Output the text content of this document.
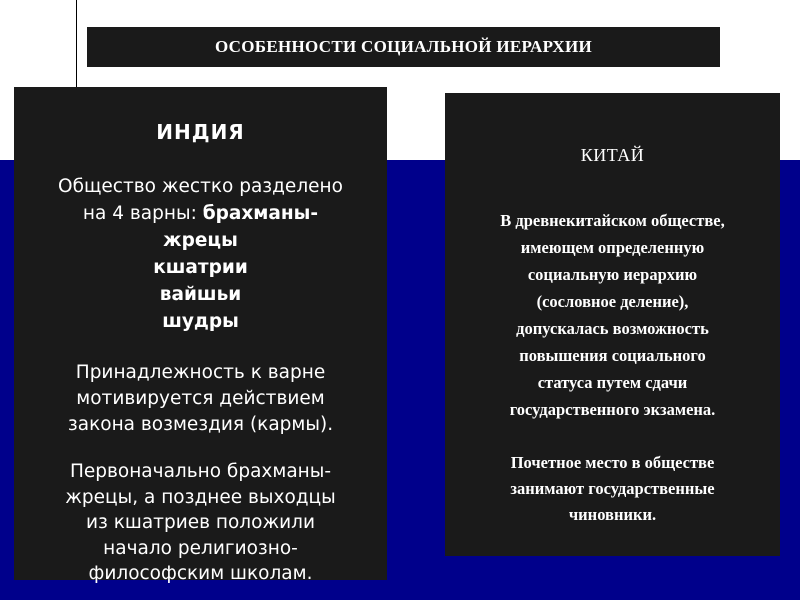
ОСОБЕННОСТИ СОЦИАЛЬНОЙ ИЕРАРХИИ
ИНДИЯ
Общество жестко разделено
на 4 варны: брахманы-
жрецы
кшатрии
вайшьи
шудры
Принадлежность к варне
мотивируется действием
закона возмездия (кармы).
Первоначально брахманы-
жрецы, а позднее выходцы
из кшатриев положили
начало религиозно-
философским школам.
КИТАЙ
В древнекитайском обществе,
имеющем определенную
социальную иерархию
(сословное деление),
допускалась возможность
повышения социального
статуса путем сдачи
государственного экзамена.
Почетное место в обществе
занимают государственные
чиновники.
